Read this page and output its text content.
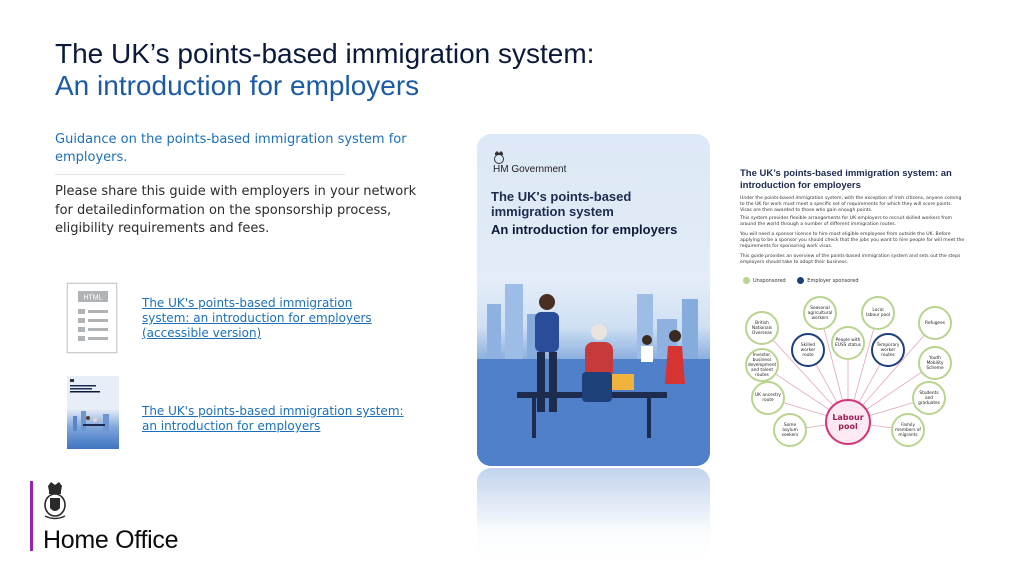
The UK’s points-based immigration system:
An introduction for employers

Guidance on the points-based immigration system for employers.

Please share this guide with employers in your network for detailedinformation on the sponsorship process, eligibility requirements and fees.

HTML	The UK's points-based immigration system: an introduction for employers (accessible version)
The UK's points-based immigration system: an introduction for employers
Home Office
HM Government
The UK's points-based immigration system
An introduction for employers
The UK’s points-based immigration system: an introduction for employers

Under the points-based immigration system, with the exception of Irish citizens, anyone coming to the UK for work must meet a specific set of requirements for which they will score points. Visas are then awarded to those who gain enough points.

This system provides flexible arrangements for UK employers to recruit skilled workers from around the world through a number of different immigration routes.

You will need a sponsor licence to hire most eligible employees from outside the UK. Before applying to be a sponsor you should check that the jobs you want to hire people for will meet the requirements for sponsoring work visas.

This guide provides an overview of the points-based immigration system and sets out the steps employers should take to adopt their business.

Unsponsored	Employer sponsored
Seasonal agricultural workers
Local labour pool
British Nationals Overseas
Refugees
Skilled worker route
People with EUSS status	Temporary worker routes
Investor, business development and talent routes
Youth Mobility Scheme
UK ancestry route
Students and graduates
Some asylum seekers
Family members of migrants
Labour pool
